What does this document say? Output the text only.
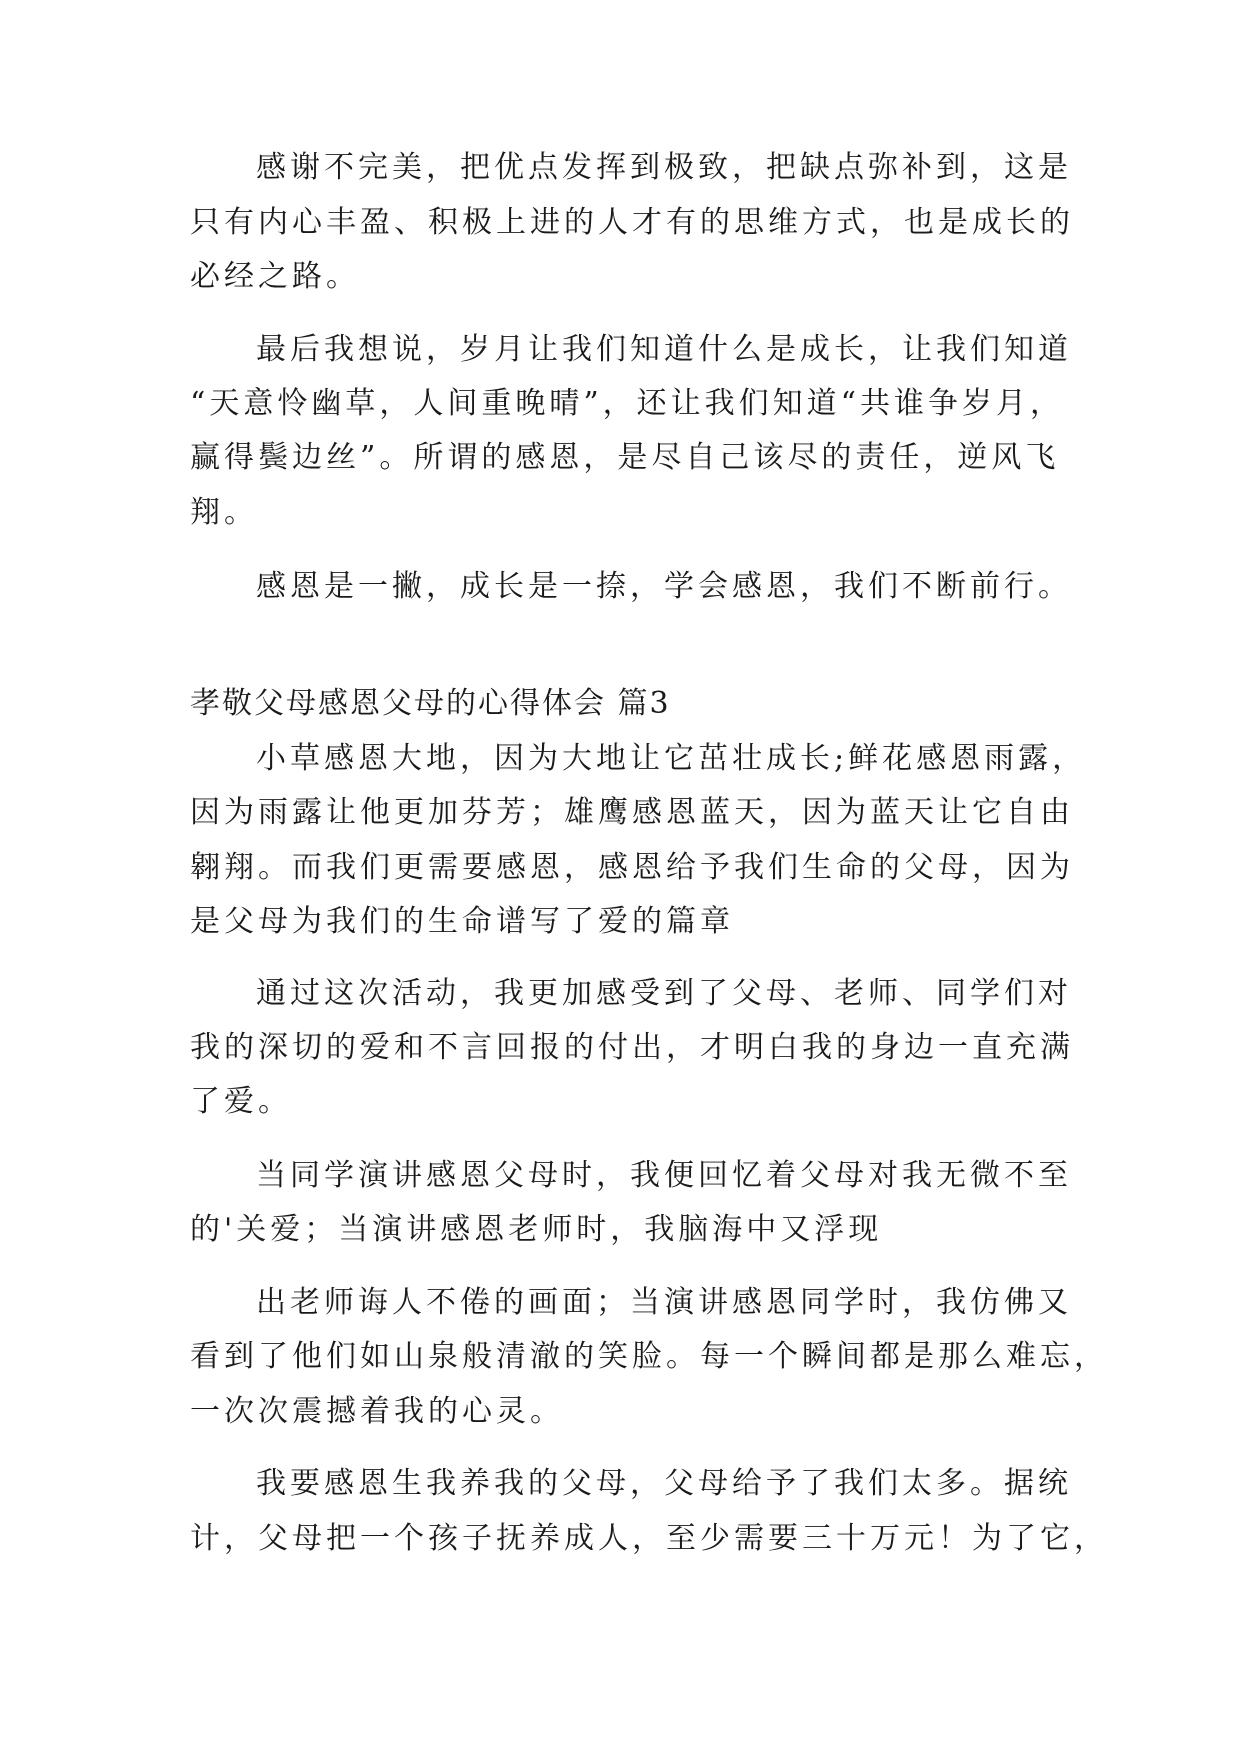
感谢不完美，把优点发挥到极致，把缺点弥补到，这是
只有内心丰盈、积极上进的人才有的思维方式，也是成长的
必经之路。
最后我想说，岁月让我们知道什么是成长，让我们知道
“天意怜幽草，人间重晚晴”，还让我们知道“共谁争岁月，
赢得鬓边丝”。所谓的感恩，是尽自己该尽的责任，逆风飞
翔。
感恩是一撇，成长是一捺，学会感恩，我们不断前行。
孝敬父母感恩父母的心得体会 篇3
小草感恩大地，因为大地让它茁壮成长;鲜花感恩雨露，
因为雨露让他更加芬芳；雄鹰感恩蓝天，因为蓝天让它自由
翱翔。而我们更需要感恩，感恩给予我们生命的父母，因为
是父母为我们的生命谱写了爱的篇章
通过这次活动，我更加感受到了父母、老师、同学们对
我的深切的爱和不言回报的付出，才明白我的身边一直充满
了爱。
当同学演讲感恩父母时，我便回忆着父母对我无微不至
的'关爱；当演讲感恩老师时，我脑海中又浮现
出老师诲人不倦的画面；当演讲感恩同学时，我仿佛又
看到了他们如山泉般清澈的笑脸。每一个瞬间都是那么难忘，
一次次震撼着我的心灵。
我要感恩生我养我的父母，父母给予了我们太多。据统
计，父母把一个孩子抚养成人，至少需要三十万元！为了它，
